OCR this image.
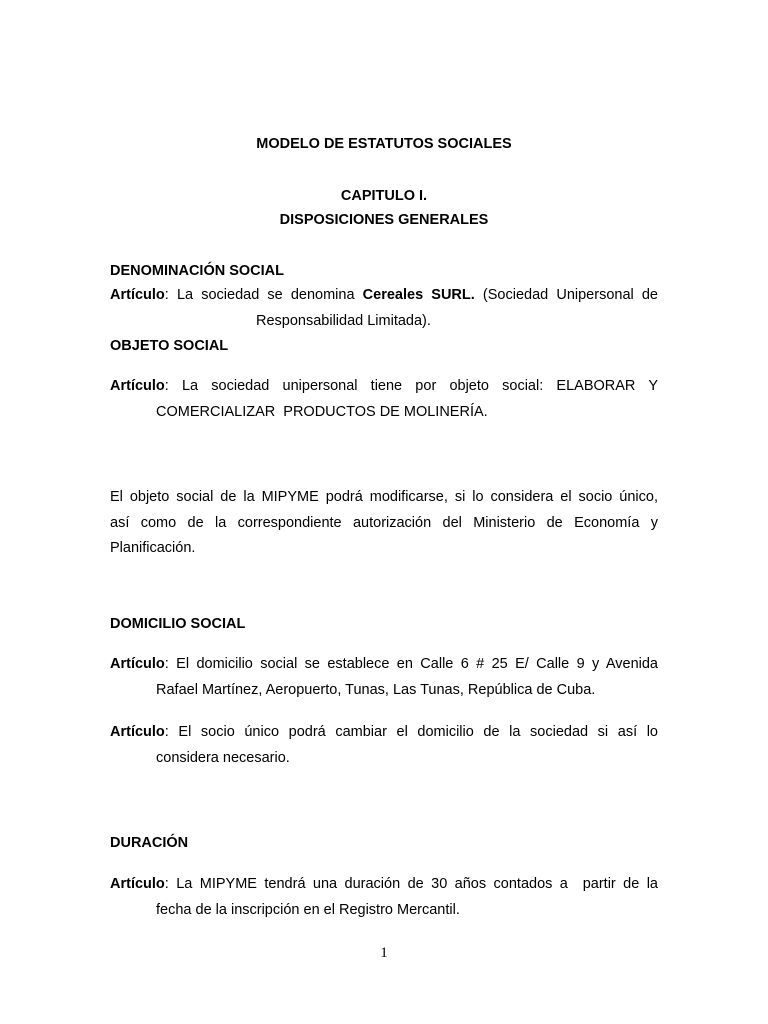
MODELO DE ESTATUTOS SOCIALES
CAPITULO I.
DISPOSICIONES GENERALES
DENOMINACIÓN SOCIAL
Artículo: La sociedad se denomina Cereales SURL. (Sociedad Unipersonal de
Responsabilidad Limitada).
OBJETO SOCIAL
Artículo: La sociedad unipersonal tiene por objeto social: ELABORAR Y
COMERCIALIZAR  PRODUCTOS DE MOLINERÍA.
El objeto social de la MIPYME podrá modificarse, si lo considera el socio único,
así como de la correspondiente autorización del Ministerio de Economía y
Planificación.
DOMICILIO SOCIAL
Artículo: El domicilio social se establece en Calle 6 # 25 E/ Calle 9 y Avenida
Rafael Martínez, Aeropuerto, Tunas, Las Tunas, República de Cuba.
Artículo: El socio único podrá cambiar el domicilio de la sociedad si así lo
considera necesario.
DURACIÓN
Artículo: La MIPYME tendrá una duración de 30 años contados a  partir de la
fecha de la inscripción en el Registro Mercantil.
1
